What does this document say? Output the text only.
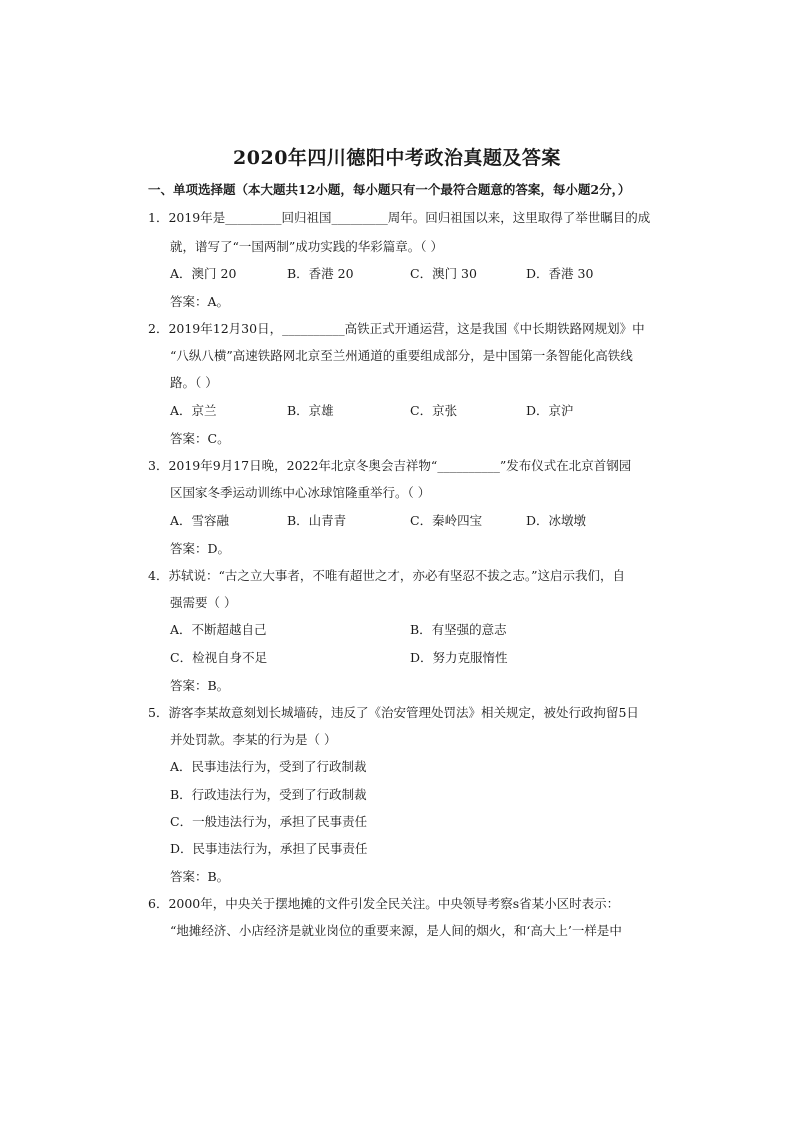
2020年四川德阳中考政治真题及答案
一、单项选择题（本大题共12小题，每小题只有一个最符合题意的答案，每小题2分，）
1．2019年是_________回归祖国_________周年。回归祖国以来，这里取得了举世瞩目的成
就，谱写了“一国两制”成功实践的华彩篇章。（ ）
A．澳门 20	B．香港 20	C．澳门 30	D．香港 30
答案：A。
2．2019年12月30日，__________高铁正式开通运营，这是我国《中长期铁路网规划》中
“八纵八横”高速铁路网北京至兰州通道的重要组成部分，是中国第一条智能化高铁线
路。（ ）
A．京兰	B．京雄	C．京张	D．京沪
答案：C。
3．2019年9月17日晚，2022年北京冬奥会吉祥物“__________”发布仪式在北京首钢园
区国家冬季运动训练中心冰球馆隆重举行。（ ）
A．雪容融	B．山青青	C．秦岭四宝	D．冰墩墩
答案：D。
4．苏轼说：“古之立大事者，不唯有超世之才，亦必有坚忍不拔之志。”这启示我们，自
强需要（ ）
A．不断超越自己	B．有坚强的意志
C．检视自身不足	D．努力克服惰性
答案：B。
5．游客李某故意刻划长城墙砖，违反了《治安管理处罚法》相关规定，被处行政拘留5日
并处罚款。李某的行为是（ ）
A．民事违法行为，受到了行政制裁
B．行政违法行为，受到了行政制裁
C．一般违法行为，承担了民事责任
D．民事违法行为，承担了民事责任
答案：B。
6．2000年，中央关于摆地摊的文件引发全民关注。中央领导考察s省某小区时表示：
“地摊经济、小店经济是就业岗位的重要来源，是人间的烟火，和‘高大上’一样是中
